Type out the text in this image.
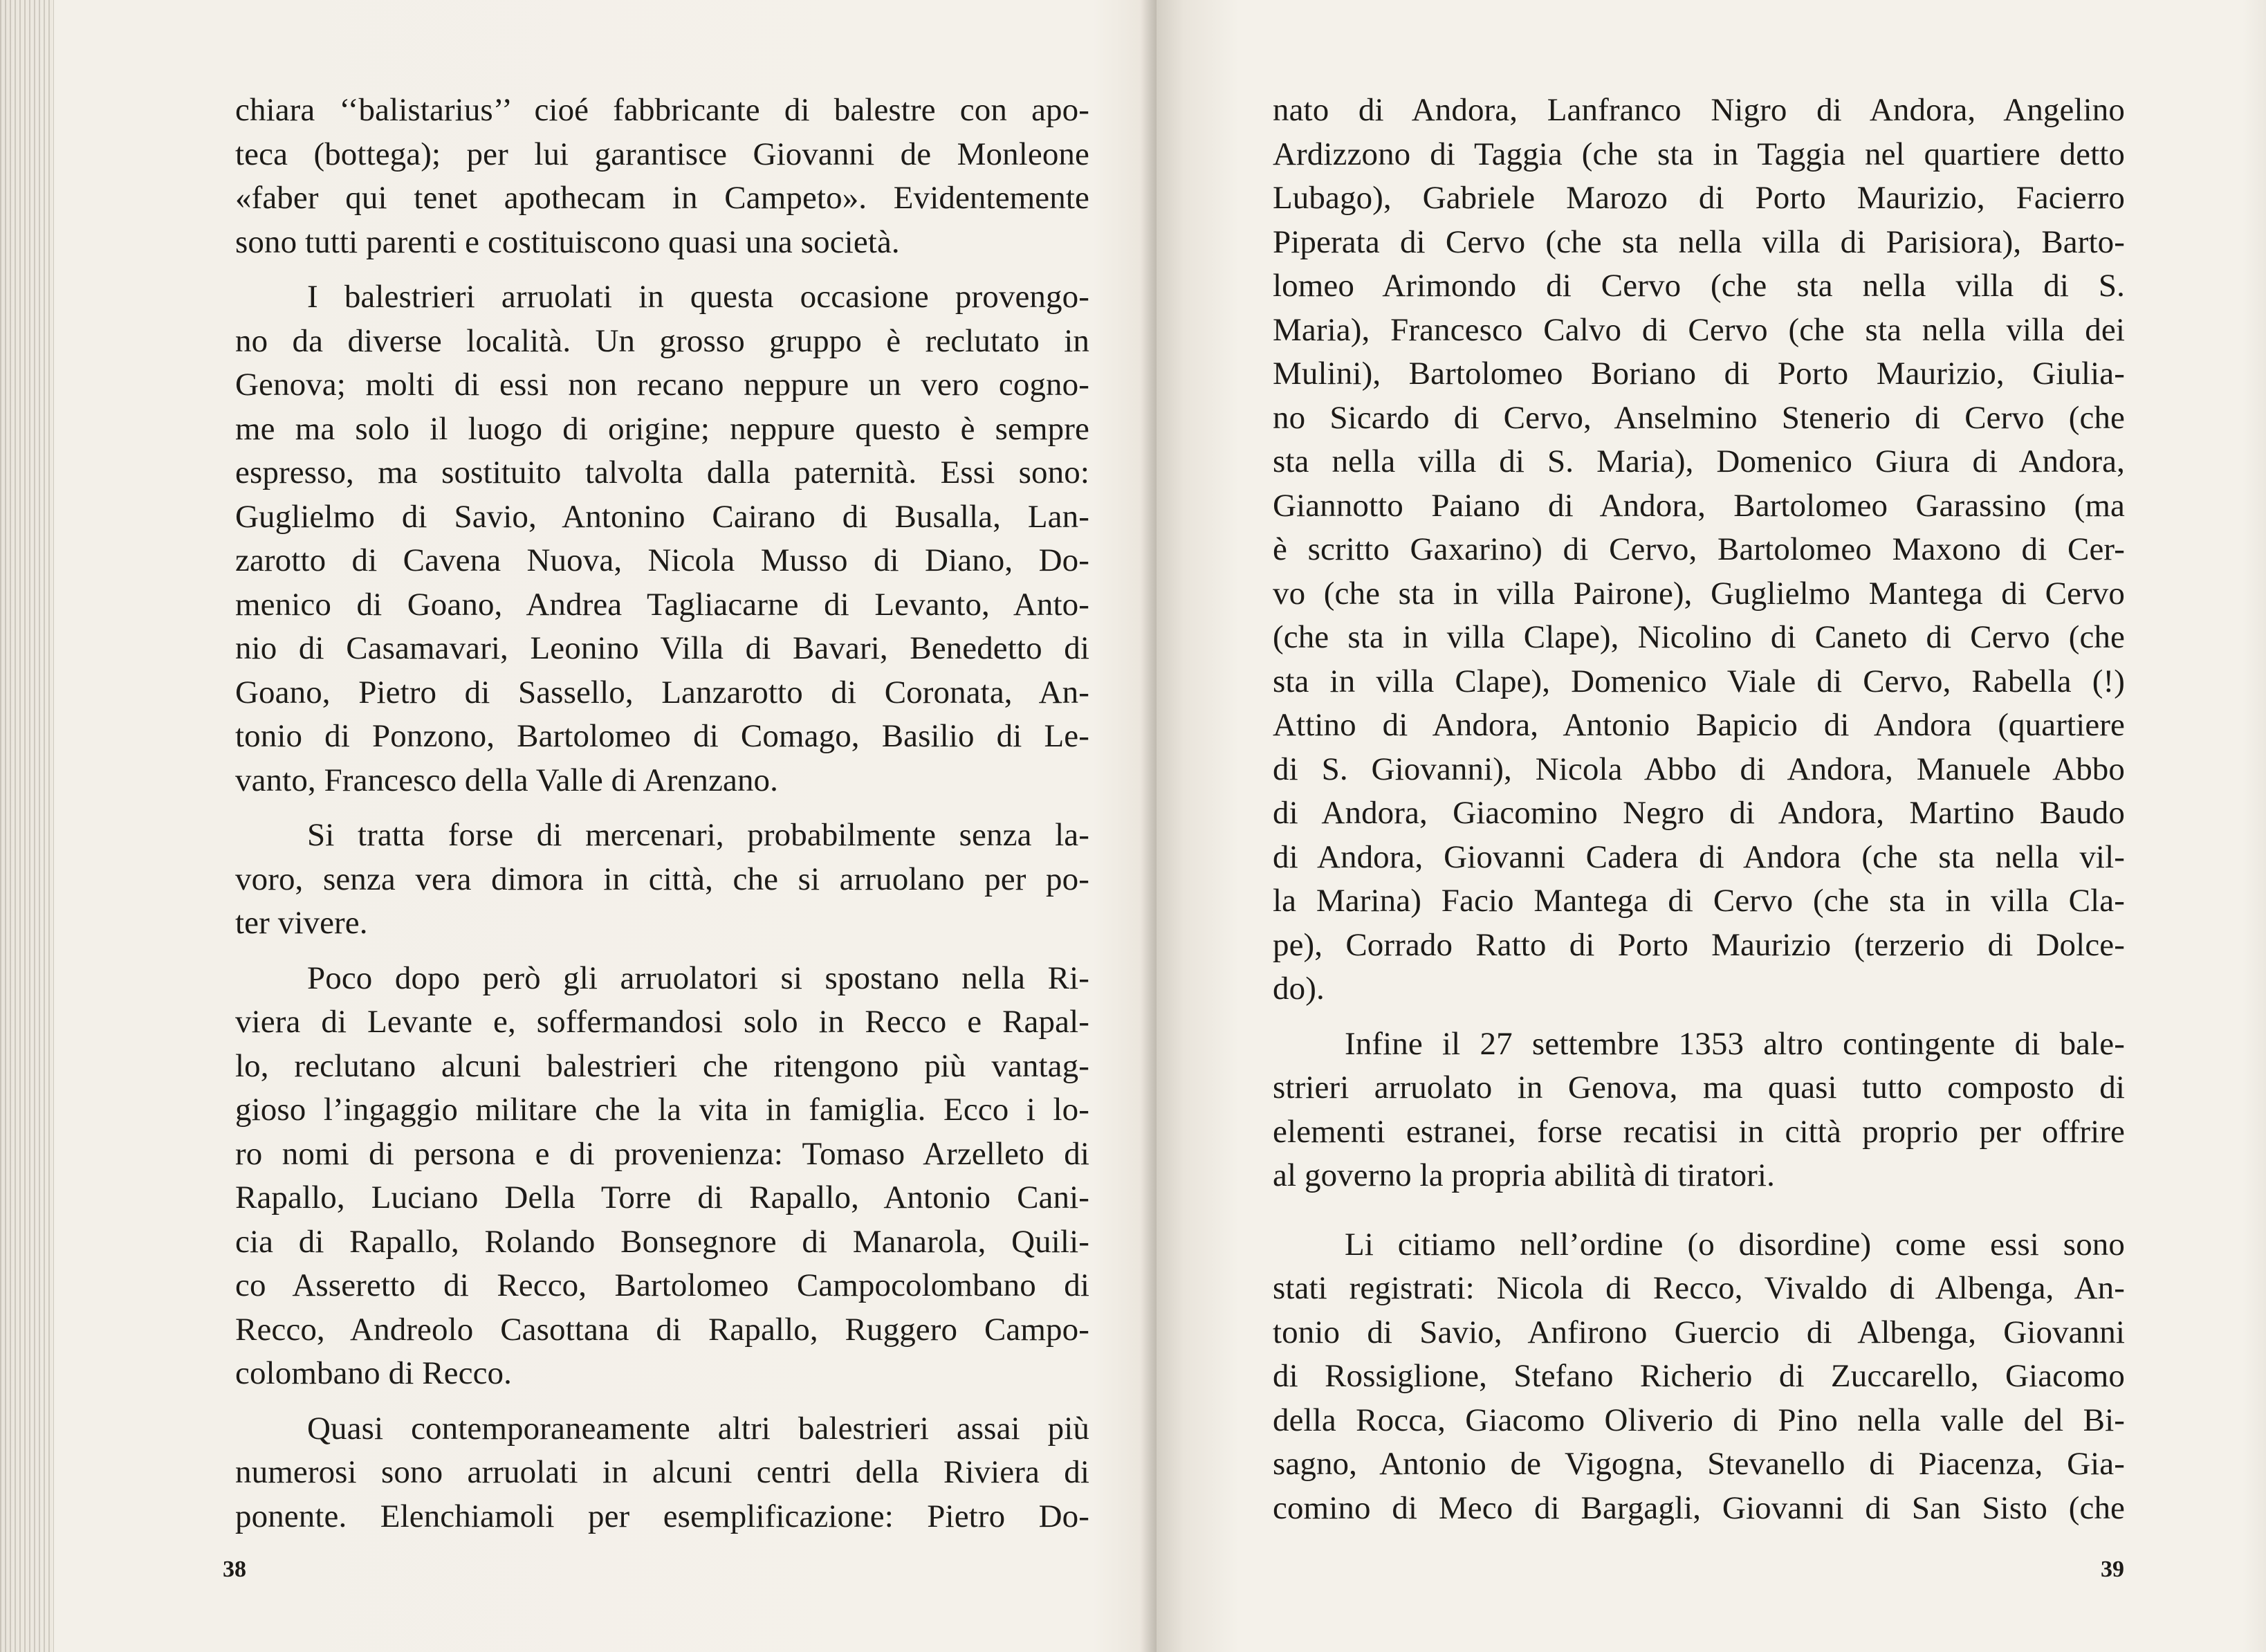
chiara ‘‘balistarius’’ cioé fabbricante di balestre con apo-
teca (bottega); per lui garantisce Giovanni de Monleone
«faber qui tenet apothecam in Campeto». Evidentemente
sono tutti parenti e costituiscono quasi una società.
I balestrieri arruolati in questa occasione provengo-
no da diverse località. Un grosso gruppo è reclutato in
Genova; molti di essi non recano neppure un vero cogno-
me ma solo il luogo di origine; neppure questo è sempre
espresso, ma sostituito talvolta dalla paternità. Essi sono:
Guglielmo di Savio, Antonino Cairano di Busalla, Lan-
zarotto di Cavena Nuova, Nicola Musso di Diano, Do-
menico di Goano, Andrea Tagliacarne di Levanto, Anto-
nio di Casamavari, Leonino Villa di Bavari, Benedetto di
Goano, Pietro di Sassello, Lanzarotto di Coronata, An-
tonio di Ponzono, Bartolomeo di Comago, Basilio di Le-
vanto, Francesco della Valle di Arenzano.
Si tratta forse di mercenari, probabilmente senza la-
voro, senza vera dimora in città, che si arruolano per po-
ter vivere.
Poco dopo però gli arruolatori si spostano nella Ri-
viera di Levante e, soffermandosi solo in Recco e Rapal-
lo, reclutano alcuni balestrieri che ritengono più vantag-
gioso l’ingaggio militare che la vita in famiglia. Ecco i lo-
ro nomi di persona e di provenienza: Tomaso Arzelleto di
Rapallo, Luciano Della Torre di Rapallo, Antonio Cani-
cia di Rapallo, Rolando Bonsegnore di Manarola, Quili-
co Asseretto di Recco, Bartolomeo Campocolombano di
Recco, Andreolo Casottana di Rapallo, Ruggero Campo-
colombano di Recco.
Quasi contemporaneamente altri balestrieri assai più
numerosi sono arruolati in alcuni centri della Riviera di
ponente. Elenchiamoli per esemplificazione: Pietro Do-
38
nato di Andora, Lanfranco Nigro di Andora, Angelino
Ardizzono di Taggia (che sta in Taggia nel quartiere detto
Lubago), Gabriele Marozo di Porto Maurizio, Facierro
Piperata di Cervo (che sta nella villa di Parisiora), Barto-
lomeo Arimondo di Cervo (che sta nella villa di S.
Maria), Francesco Calvo di Cervo (che sta nella villa dei
Mulini), Bartolomeo Boriano di Porto Maurizio, Giulia-
no Sicardo di Cervo, Anselmino Stenerio di Cervo (che
sta nella villa di S. Maria), Domenico Giura di Andora,
Giannotto Paiano di Andora, Bartolomeo Garassino (ma
è scritto Gaxarino) di Cervo, Bartolomeo Maxono di Cer-
vo (che sta in villa Pairone), Guglielmo Mantega di Cervo
(che sta in villa Clape), Nicolino di Caneto di Cervo (che
sta in villa Clape), Domenico Viale di Cervo, Rabella (!)
Attino di Andora, Antonio Bapicio di Andora (quartiere
di S. Giovanni), Nicola Abbo di Andora, Manuele Abbo
di Andora, Giacomino Negro di Andora, Martino Baudo
di Andora, Giovanni Cadera di Andora (che sta nella vil-
la Marina) Facio Mantega di Cervo (che sta in villa Cla-
pe), Corrado Ratto di Porto Maurizio (terzerio di Dolce-
do).
Infine il 27 settembre 1353 altro contingente di bale-
strieri arruolato in Genova, ma quasi tutto composto di
elementi estranei, forse recatisi in città proprio per offrire
al governo la propria abilità di tiratori.
Li citiamo nell’ordine (o disordine) come essi sono
stati registrati: Nicola di Recco, Vivaldo di Albenga, An-
tonio di Savio, Anfirono Guercio di Albenga, Giovanni
di Rossiglione, Stefano Richerio di Zuccarello, Giacomo
della Rocca, Giacomo Oliverio di Pino nella valle del Bi-
sagno, Antonio de Vigogna, Stevanello di Piacenza, Gia-
comino di Meco di Bargagli, Giovanni di San Sisto (che
39
